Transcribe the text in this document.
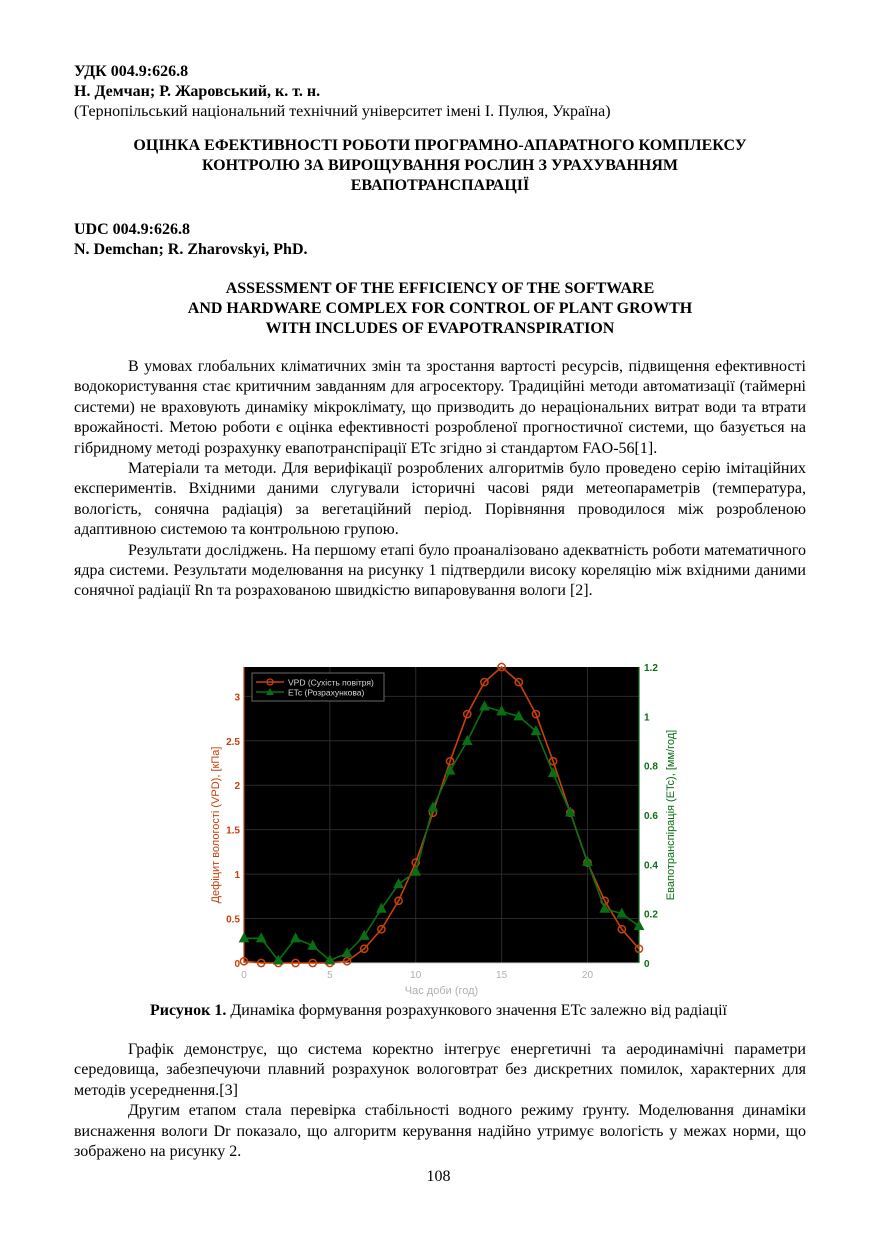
УДК 004.9:626.8
Н. Демчан; Р. Жаровський, к. т. н.
(Тернопільський національний технічний університет імені І. Пулюя, Україна)
ОЦІНКА ЕФЕКТИВНОСТІ РОБОТИ ПРОГРАМНО-АПАРАТНОГО КОМПЛЕКСУ
КОНТРОЛЮ ЗА ВИРОЩУВАННЯ РОСЛИН З УРАХУВАННЯМ
ЕВАПОТРАНСПАРАЦІЇ
UDC 004.9:626.8
N. Demchan; R. Zharovskyi, PhD.
ASSESSMENT OF THE EFFICIENCY OF THE SOFTWARE
AND HARDWARE COMPLEX FOR CONTROL OF PLANT GROWTH
WITH INCLUDES OF EVAPOTRANSPIRATION

В умовах глобальних кліматичних змін та зростання вартості ресурсів, підвищення ефективності водокористування стає критичним завданням для агросектору. Традиційні методи автоматизації (таймерні системи) не враховують динаміку мікроклімату, що призводить до нераціональних витрат води та втрати врожайності. Метою роботи є оцінка ефективності розробленої прогностичної системи, що базується на гібридному методі розрахунку евапотранспірації ETc згідно зі стандартом FAO-56[1].

Матеріали та методи. Для верифікації розроблених алгоритмів було проведено серію імітаційних експериментів. Вхідними даними слугували історичні часові ряди метеопараметрів (температура, вологість, сонячна радіація) за вегетаційний період. Порівняння проводилося між розробленою адаптивною системою та контрольною групою.

Результати досліджень. На першому етапі було проаналізовано адекватність роботи математичного ядра системи. Результати моделювання на рисунку 1 підтвердили високу кореляцію між вхідними даними сонячної радіації Rn та розрахованою швидкістю випаровування вологи [2].

0	5	10	15	20
0
0.5
1
1.5
2
2.5
3
0
0.2
0.4
0.6
0.8
1
1.2
Час доби (год)
Дефіцит вологості (VPD), [кПа]	Евапотранспірація (ETc), [мм/год]
VPD (Сухість повітря)
ETc (Розрахункова)
Рисунок 1. Динаміка формування розрахункового значення ETc залежно від радіації

Графік демонструє, що система коректно інтегрує енергетичні та аеродинамічні параметри середовища, забезпечуючи плавний розрахунок вологовтрат без дискретних помилок, характерних для методів усереднення.[3]

Другим етапом стала перевірка стабільності водного режиму ґрунту. Моделювання динаміки виснаження вологи Dr показало, що алгоритм керування надійно утримує вологість у межах норми, що зображено на рисунку 2.

108
